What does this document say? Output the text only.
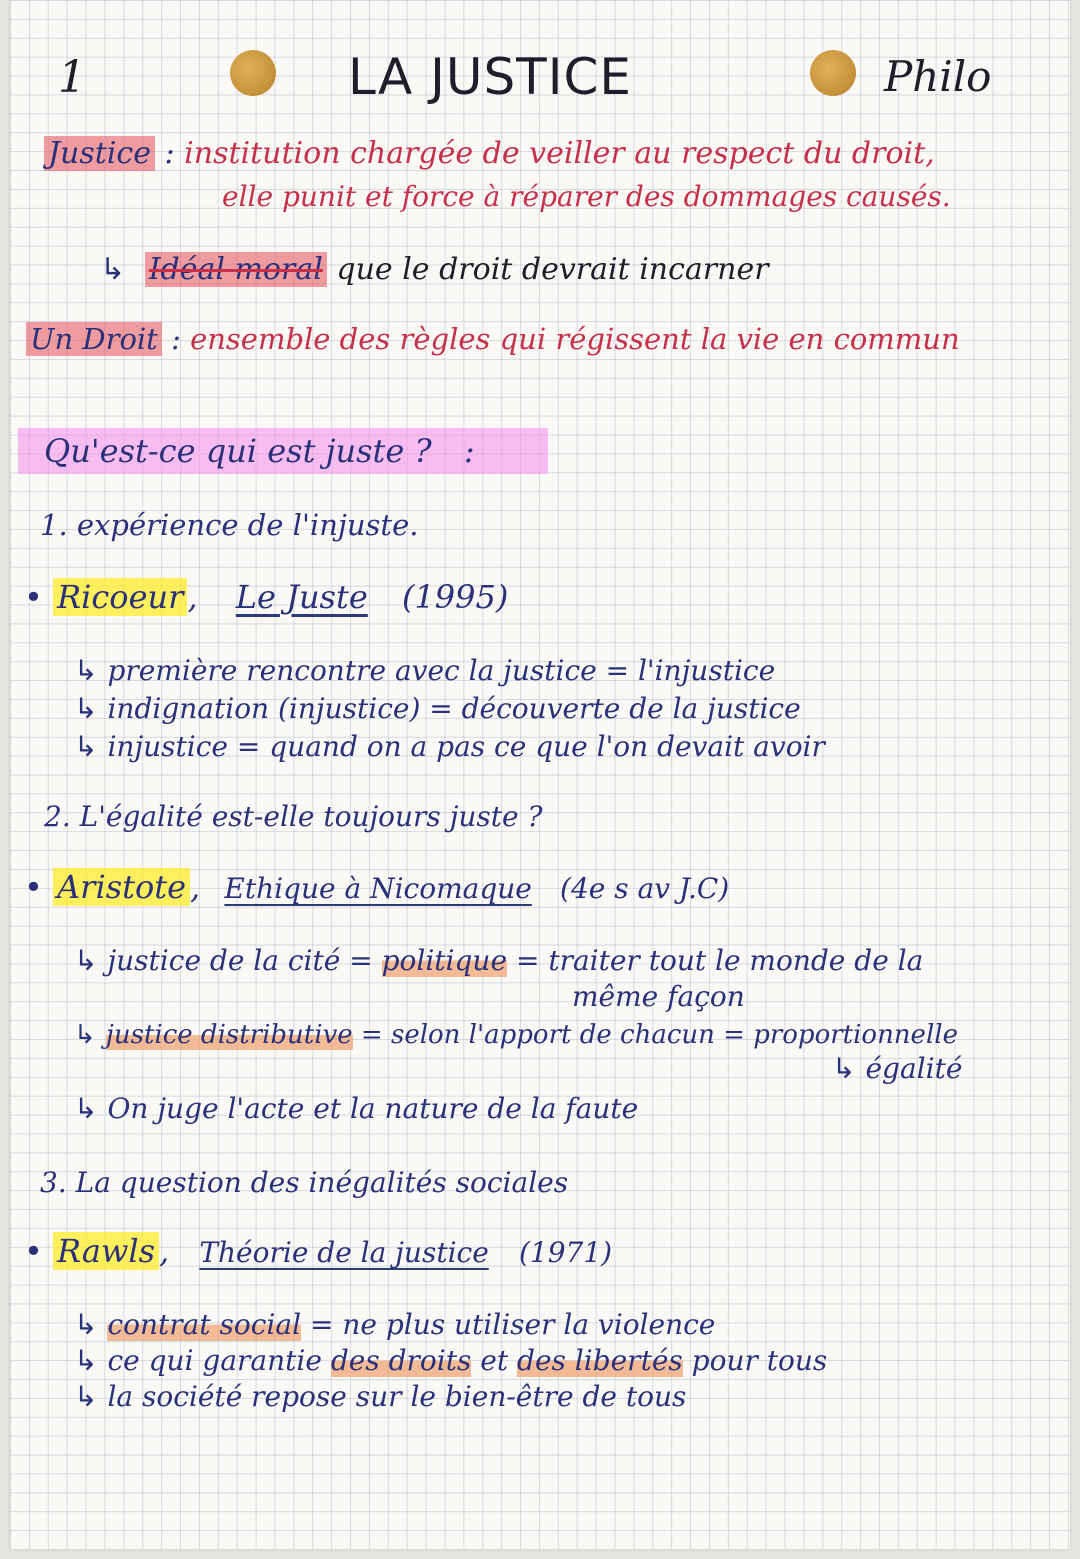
1	LA JUSTICE	Philo
Justice : institution chargée de veiller au respect du droit,
elle punit et force à réparer des dommages causés.
↳ Idéal moral que le droit devrait incarner
Un Droit : ensemble des règles qui régissent la vie en commun
Qu'est-ce qui est juste ? :
1. expérience de l'injuste.
• Ricoeur , Le Juste (1995)
↳ première rencontre avec la justice = l'injustice
↳ indignation (injustice) = découverte de la justice
↳ injustice = quand on a pas ce que l'on devait avoir
2. L'égalité est-elle toujours juste ?
• Aristote , Ethique à Nicomaque (4e s av J.C)
↳ justice de la cité = politique = traiter tout le monde de la
même façon
↳ justice distributive = selon l'apport de chacun = proportionnelle
↳ égalité
↳ On juge l'acte et la nature de la faute
3. La question des inégalités sociales
• Rawls , Théorie de la justice (1971)
↳ contrat social = ne plus utiliser la violence
↳ ce qui garantie des droits et des libertés pour tous
↳ la société repose sur le bien-être de tous
